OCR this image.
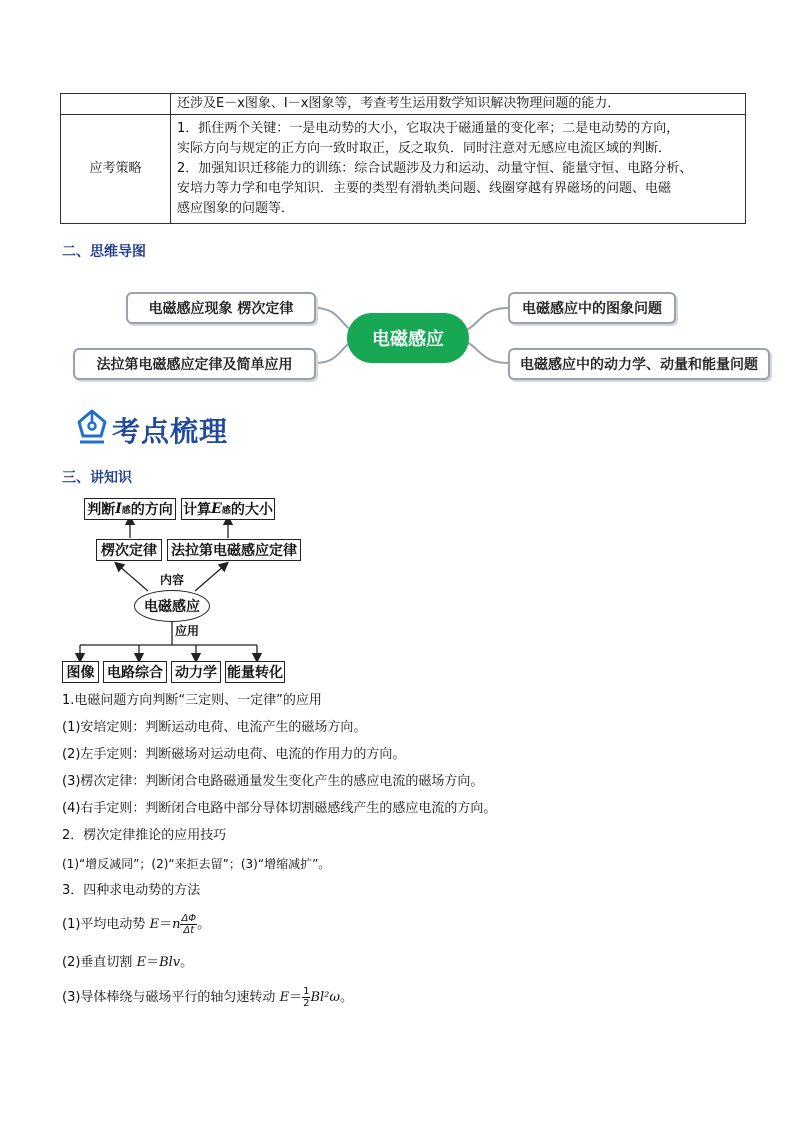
	还涉及E－x图象、I－x图象等，考查考生运用数学知识解决物理问题的能力．
应考策略	1．抓住两个关键：一是电动势的大小，它取决于磁通量的变化率；二是电动势的方向，
实际方向与规定的正方向一致时取正，反之取负．同时注意对无感应电流区域的判断．
2．加强知识迁移能力的训练：综合试题涉及力和运动、动量守恒、能量守恒、电路分析、
安培力等力学和电学知识．主要的类型有滑轨类问题、线圈穿越有界磁场的问题、电磁
感应图象的问题等．
二、思维导图
电磁感应现象 楞次定律
法拉第电磁感应定律及简单应用
电磁感应中的图象问题
电磁感应中的动力学、动量和能量问题
电磁感应
考点梳理
三、讲知识
判断 I 感 的方向 计算 E 感 的大小
楞次定律	法拉第电磁感应定律
内容
电磁感应
应用
图像 电路综合 动力学 能量转化
1.电磁问题方向判断“三定则、一定律”的应用
(1)安培定则：判断运动电荷、电流产生的磁场方向。
(2)左手定则：判断磁场对运动电荷、电流的作用力的方向。
(3)楞次定律：判断闭合电路磁通量发生变化产生的感应电流的磁场方向。
(4)右手定则：判断闭合电路中部分导体切割磁感线产生的感应电流的方向。
2．楞次定律推论的应用技巧
(1)“增反减同”；(2)“来拒去留”；(3)“增缩减扩”。
3．四种求电动势的方法
(1)平均电动势 $E=n \frac{\Delta\Phi}{\Delta t}$ 。
(2)垂直切割 E＝Blv。
(3)导体棒绕与磁场平行的轴匀速转动 $E= \frac{1}{2} Bl^2\omega$。
